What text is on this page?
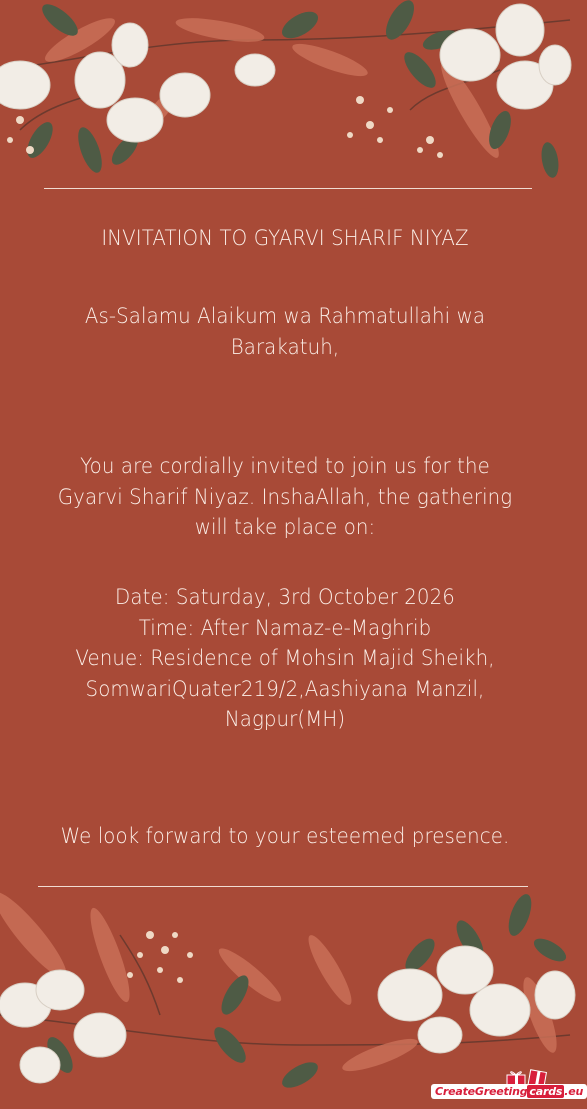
INVITATION TO GYARVI SHARIF NIYAZ
As-Salamu Alaikum wa Rahmatullahi wa
Barakatuh,
You are cordially invited to join us for the
Gyarvi Sharif Niyaz. InshaAllah, the gathering
will take place on:
Date: Saturday, 3rd October 2026
Time: After Namaz-e-Maghrib
Venue: Residence of Mohsin Majid Sheikh,
SomwariQuater219/2,Aashiyana Manzil,
Nagpur(MH)
We look forward to your esteemed presence.
CreateGreeting cards .eu
